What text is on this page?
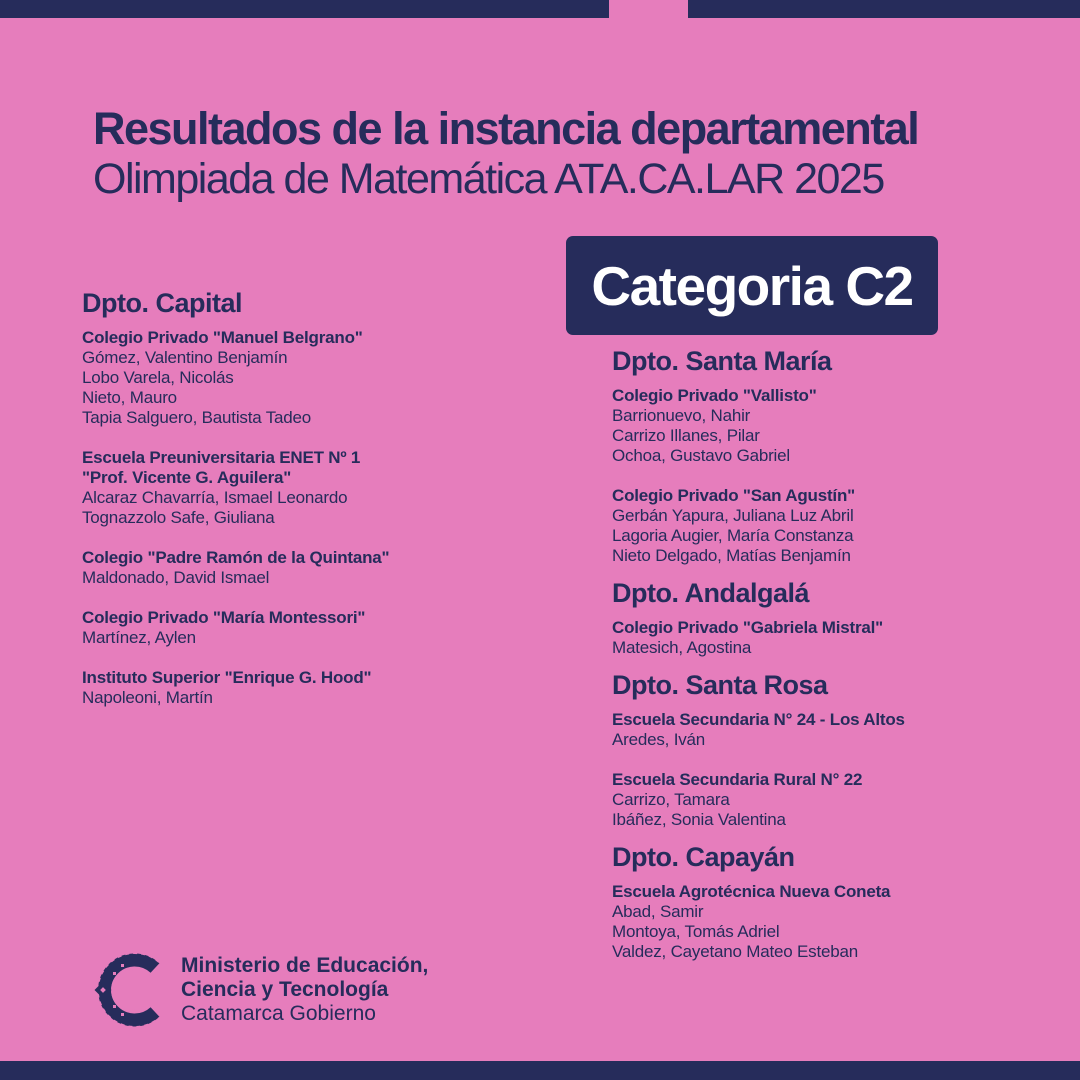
Resultados de la instancia departamental
Olimpiada de Matemática ATA.CA.LAR 2025
Categoria C2
Dpto. Capital
Colegio Privado "Manuel Belgrano"
Gómez, Valentino Benjamín
Lobo Varela, Nicolás
Nieto, Mauro
Tapia Salguero, Bautista Tadeo
Escuela Preuniversitaria ENET Nº 1
"Prof. Vicente G. Aguilera"
Alcaraz Chavarría, Ismael Leonardo
Tognazzolo Safe, Giuliana
Colegio "Padre Ramón de la Quintana"
Maldonado, David Ismael
Colegio Privado "María Montessori"
Martínez, Aylen
Instituto Superior "Enrique G. Hood"
Napoleoni, Martín
Dpto. Santa María
Colegio Privado "Vallisto"
Barrionuevo, Nahir
Carrizo Illanes, Pilar
Ochoa, Gustavo Gabriel
Colegio Privado "San Agustín"
Gerbán Yapura, Juliana Luz Abril
Lagoria Augier, María Constanza
Nieto Delgado, Matías Benjamín
Dpto. Andalgalá
Colegio Privado "Gabriela Mistral"
Matesich, Agostina
Dpto. Santa Rosa
Escuela Secundaria N° 24 - Los Altos
Aredes, Iván
Escuela Secundaria Rural N° 22
Carrizo, Tamara
Ibáñez, Sonia Valentina
Dpto. Capayán
Escuela Agrotécnica Nueva Coneta
Abad, Samir
Montoya, Tomás Adriel
Valdez, Cayetano Mateo Esteban
Ministerio de Educación,
Ciencia y Tecnología
Catamarca Gobierno
